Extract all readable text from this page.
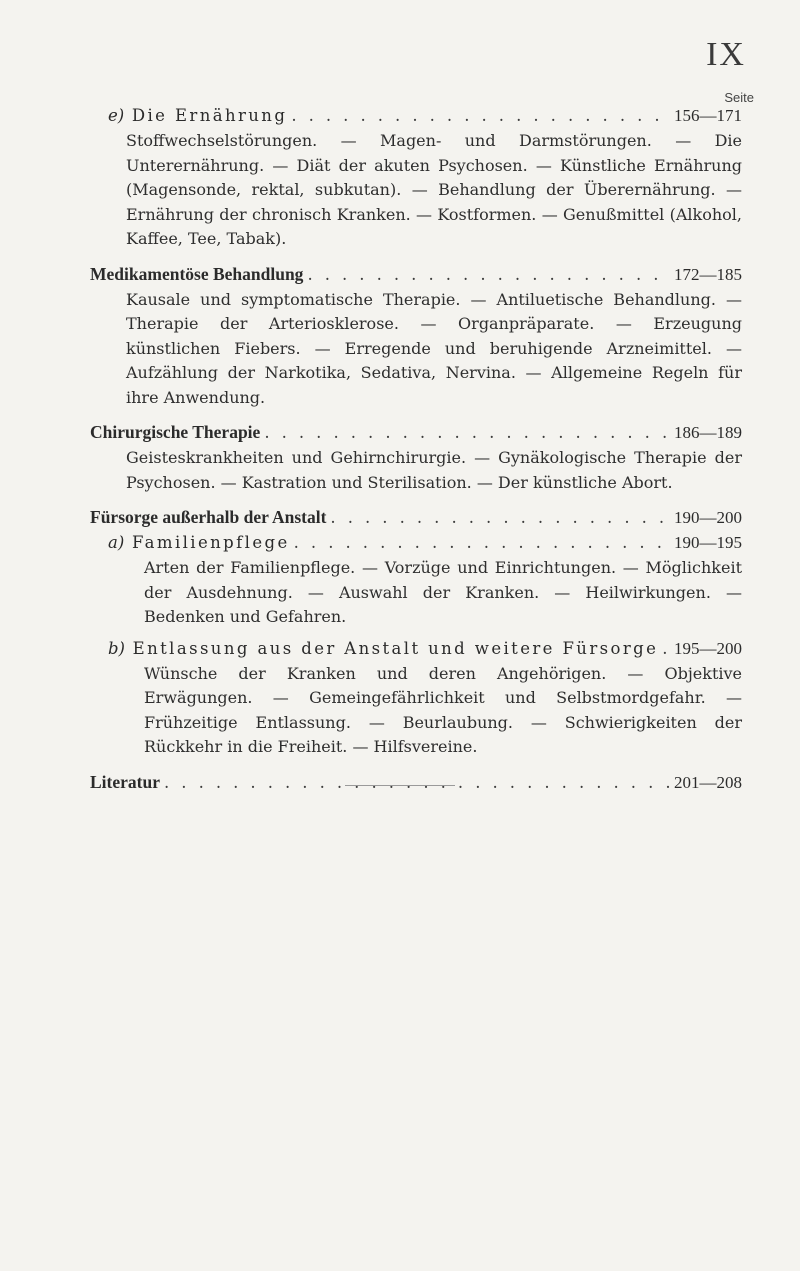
IX
Seite
e) Die Ernährung . . .	156—171
Stoffwechselstörungen. — Magen- und Darmstörungen. — Die Unterernährung. — Diät der akuten Psychosen. — Künstliche Ernährung (Magensonde, rektal, subkutan). — Behandlung der Überernährung. — Ernährung der chronisch Kranken. — Kostformen. — Genußmittel (Alkohol, Kaffee, Tee, Tabak).
Medikamentöse Behandlung . . .	172—185
Kausale und symptomatische Therapie. — Antiluetische Behandlung. — Therapie der Arteriosklerose. — Organpräparate. — Erzeugung künstlichen Fiebers. — Erregende und beruhigende Arzneimittel. — Aufzählung der Narkotika, Sedativa, Nervina. — Allgemeine Regeln für ihre Anwendung.
Chirurgische Therapie . . .	186—189
Geisteskrankheiten und Gehirnchirurgie. — Gynäkologische Therapie der Psychosen. — Kastration und Sterilisation. — Der künstliche Abort.
Fürsorge außerhalb der Anstalt . . .	190—200
a) Familienpflege . . .	190—195
Arten der Familienpflege. — Vorzüge und Einrichtungen. — Möglichkeit der Ausdehnung. — Auswahl der Kranken. — Heilwirkungen. — Bedenken und Gefahren.
b) Entlassung aus der Anstalt und weitere Fürsorge . . . 195—200
Wünsche der Kranken und deren Angehörigen. — Objektive Erwägungen. — Gemeingefährlichkeit und Selbstmordgefahr. — Frühzeitige Entlassung. — Beurlaubung. — Schwierigkeiten der Rückkehr in die Freiheit. — Hilfsvereine.
Literatur . . .	201—208
